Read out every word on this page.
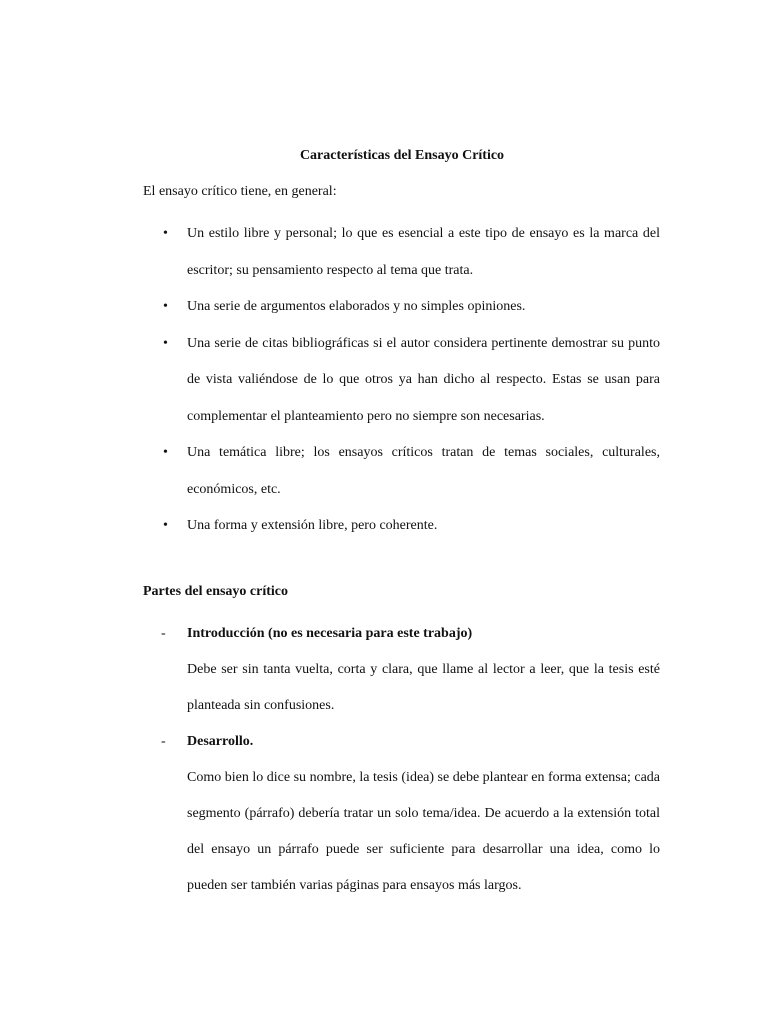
Características del Ensayo Crítico
El ensayo crítico tiene, en general:
• Un estilo libre y personal; lo que es esencial a este tipo de ensayo es la marca del escritor; su pensamiento respecto al tema que trata.
• Una serie de argumentos elaborados y no simples opiniones.
• Una serie de citas bibliográficas si el autor considera pertinente demostrar su punto de vista valiéndose de lo que otros ya han dicho al respecto. Estas se usan para complementar el planteamiento pero no siempre son necesarias.
• Una temática libre; los ensayos críticos tratan de temas sociales, culturales, económicos, etc.
• Una forma y extensión libre, pero coherente.
Partes del ensayo crítico
- Introducción (no es necesaria para este trabajo)
Debe ser sin tanta vuelta, corta y clara, que llame al lector a leer, que la tesis esté planteada sin confusiones.
- Desarrollo.
Como bien lo dice su nombre, la tesis (idea) se debe plantear en forma extensa; cada segmento (párrafo) debería tratar un solo tema/idea. De acuerdo a la extensión total del ensayo un párrafo puede ser suficiente para desarrollar una idea, como lo pueden ser también varias páginas para ensayos más largos.
